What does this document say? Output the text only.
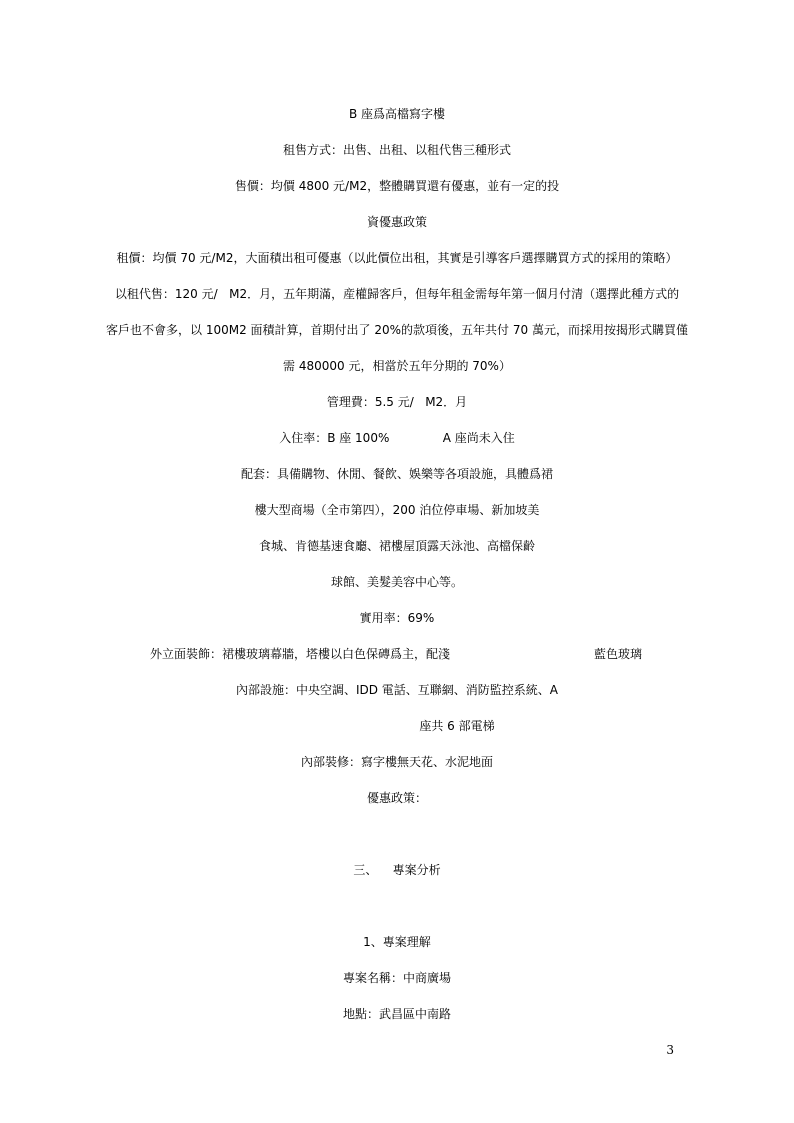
B 座爲高檔寫字樓
租售方式：出售、出租、以租代售三種形式
售價：均價 4800 元/M2，整體購買還有優惠，並有一定的投
資優惠政策
租價：均價 70 元/M2，大面積出租可優惠（以此價位出租，其實是引導客戶選擇購買方式的採用的策略）
以租代售：120 元/   M2．月，五年期滿，産權歸客戶，但每年租金需每年第一個月付清（選擇此種方式的
客戶也不會多，以 100M2 面積計算，首期付出了 20%的款項後，五年共付 70 萬元，而採用按揭形式購買僅
需 480000 元，相當於五年分期的 70%）
管理費：5.5 元/   M2．月
入住率：B 座 100%              A 座尚未入住
配套：具備購物、休閒、餐飲、娛樂等各項設施，具體爲裙
樓大型商場（全市第四），200 泊位停車場、新加坡美
食城、肯德基速食廳、裙樓屋頂露天泳池、高檔保齡
球館、美髮美容中心等。
實用率：69%
外立面裝飾：裙樓玻璃幕牆，塔樓以白色保磚爲主，配淺	藍色玻璃
內部設施：中央空調、IDD 電話、互聯網、消防監控系統、A
座共 6 部電梯
內部裝修：寫字樓無天花、水泥地面
優惠政策：
三、    專案分析
1、專案理解
專案名稱：中商廣場
地點：武昌區中南路
3
